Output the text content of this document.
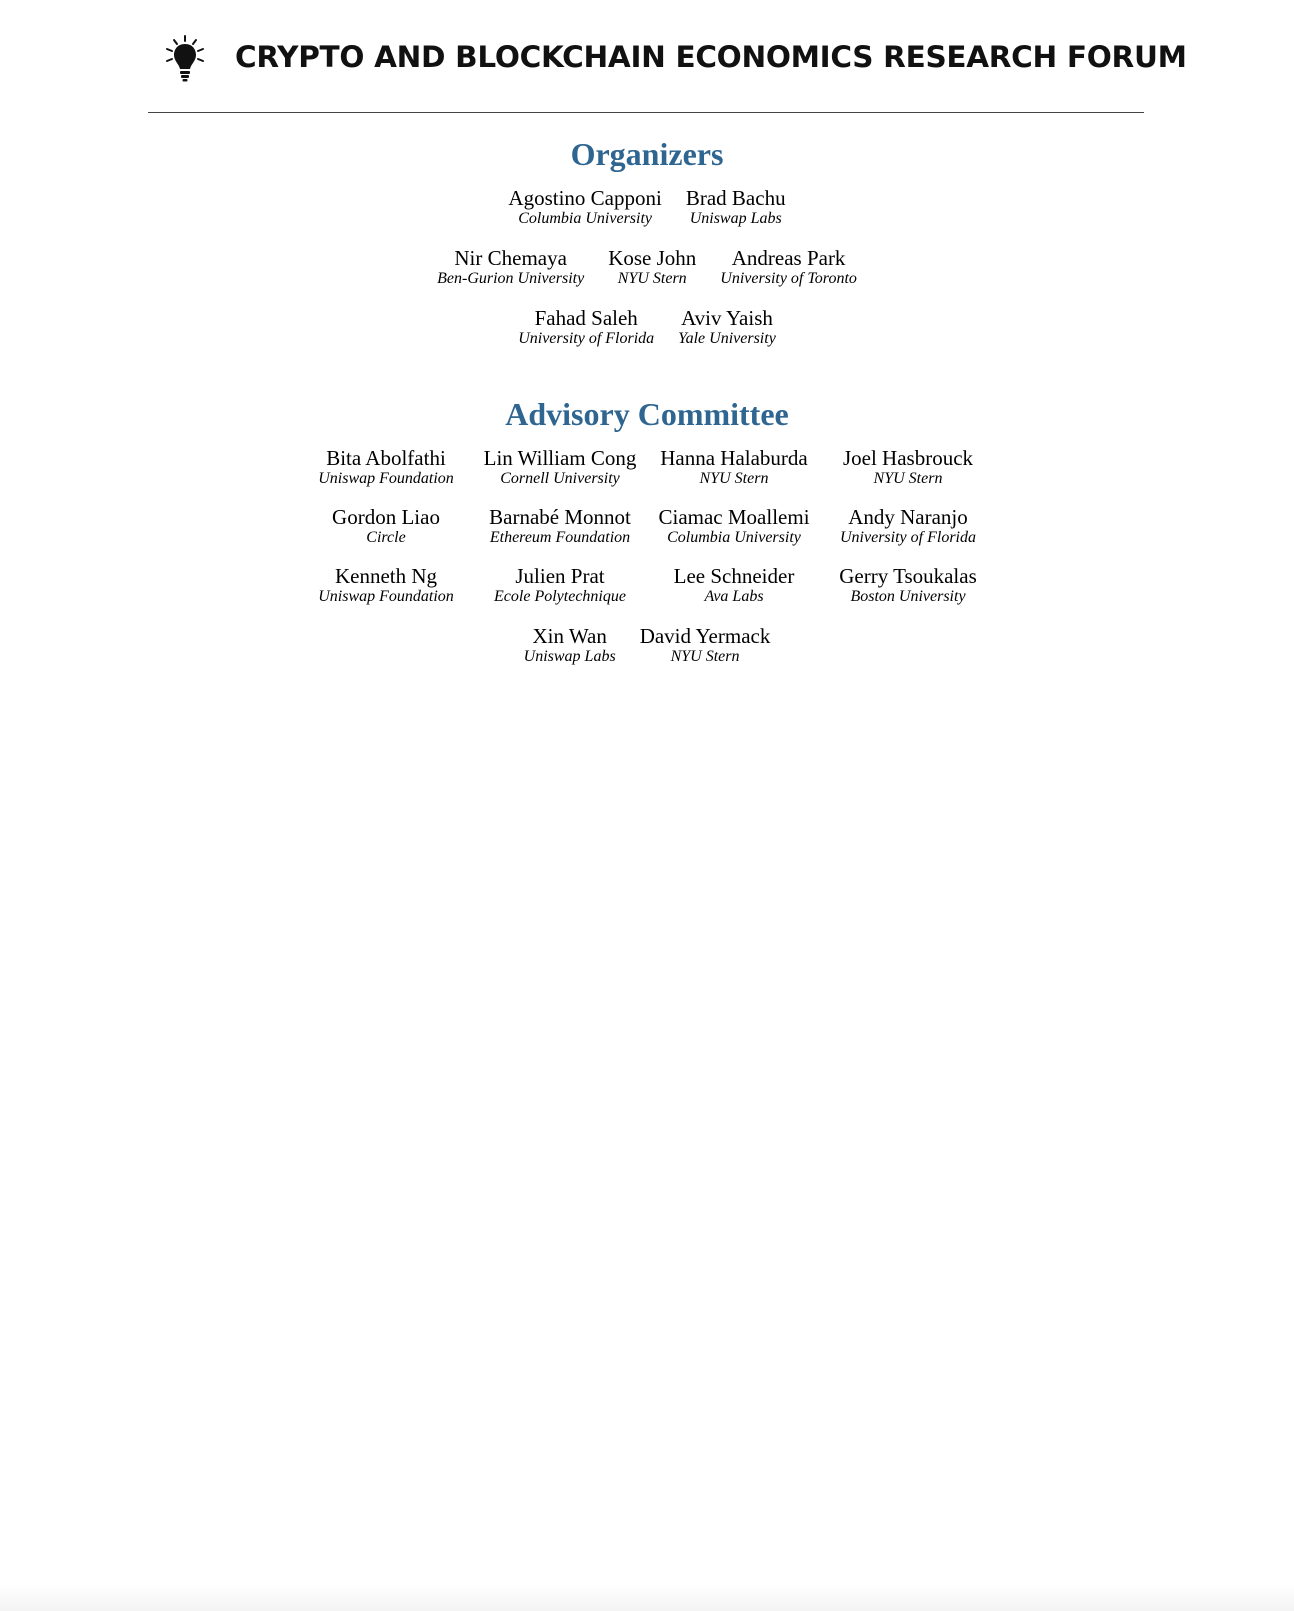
CRYPTO AND BLOCKCHAIN ECONOMICS RESEARCH FORUM
Organizers
Agostino Capponi
Columbia University
Brad Bachu
Uniswap Labs
Nir Chemaya
Ben-Gurion University
Kose John
NYU Stern
Andreas Park
University of Toronto
Fahad Saleh
University of Florida
Aviv Yaish
Yale University
Advisory Committee
Bita Abolfathi
Uniswap Foundation
Lin William Cong
Cornell University
Hanna Halaburda
NYU Stern
Joel Hasbrouck
NYU Stern
Gordon Liao
Circle
Barnabé Monnot
Ethereum Foundation
Ciamac Moallemi
Columbia University
Andy Naranjo
University of Florida
Kenneth Ng
Uniswap Foundation
Julien Prat
Ecole Polytechnique
Lee Schneider
Ava Labs
Gerry Tsoukalas
Boston University
Xin Wan
Uniswap Labs
David Yermack
NYU Stern
